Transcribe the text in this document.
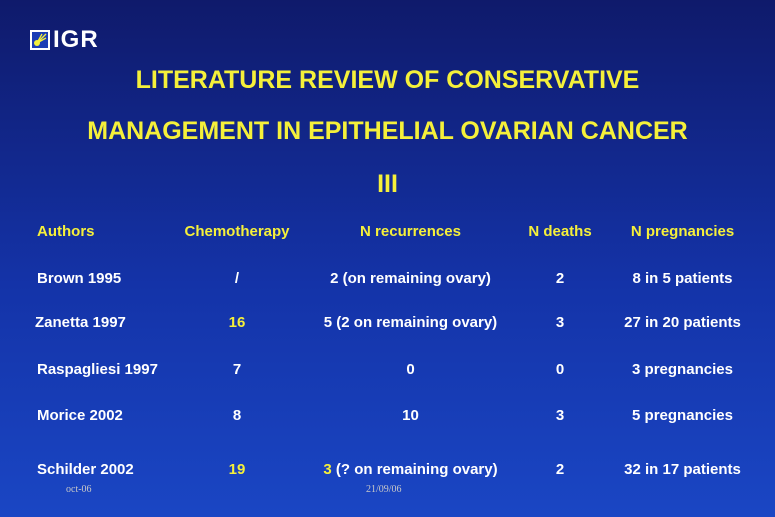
IGR
LITERATURE REVIEW OF CONSERVATIVE
MANAGEMENT IN EPITHELIAL OVARIAN CANCER
III
Authors	Chemotherapy	N recurrences	N deaths	N pregnancies
Brown 1995	/	2 (on remaining ovary)	2	8 in 5 patients
Zanetta 1997	16	5 (2 on remaining ovary)	3	27 in 20 patients
Raspagliesi 1997	7	0	0	3 pregnancies
Morice 2002	8	10	3	5 pregnancies
Schilder 2002	19	3 (? on remaining ovary)	2	32 in 17 patients
oct-06	21/09/06
